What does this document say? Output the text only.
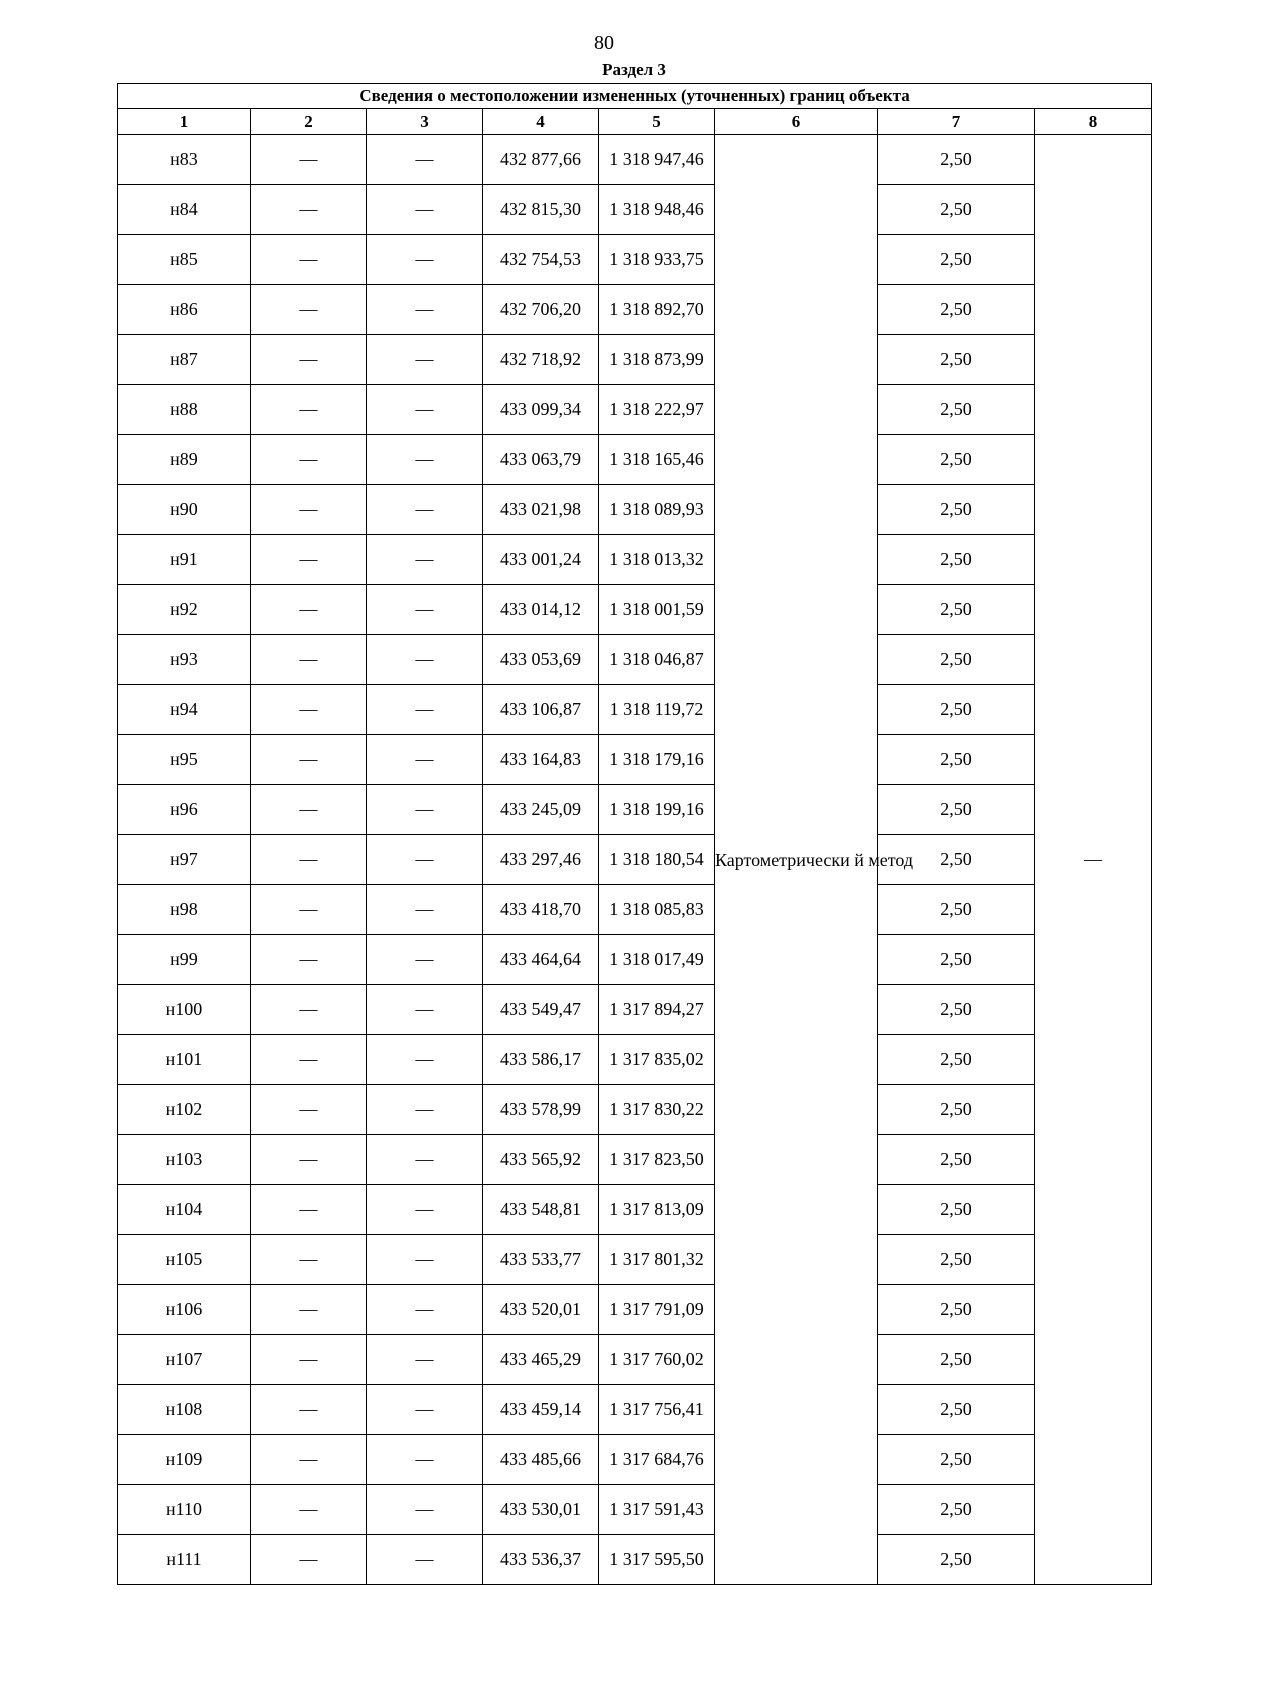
80
Раздел 3
Сведения о местоположении измененных (уточненных) границ объекта							
1	2	3	4	5	6	7	8
н83	—	—	432 877,66	1 318 947,46	Картометрически й метод	2,50	—
н84	—	—	432 815,30	1 318 948,46		2,50	
н85	—	—	432 754,53	1 318 933,75		2,50	
н86	—	—	432 706,20	1 318 892,70		2,50	
н87	—	—	432 718,92	1 318 873,99		2,50	
н88	—	—	433 099,34	1 318 222,97		2,50	
н89	—	—	433 063,79	1 318 165,46		2,50	
н90	—	—	433 021,98	1 318 089,93		2,50	
н91	—	—	433 001,24	1 318 013,32		2,50	
н92	—	—	433 014,12	1 318 001,59		2,50	
н93	—	—	433 053,69	1 318 046,87		2,50	
н94	—	—	433 106,87	1 318 119,72		2,50	
н95	—	—	433 164,83	1 318 179,16		2,50	
н96	—	—	433 245,09	1 318 199,16		2,50	
н97	—	—	433 297,46	1 318 180,54		2,50	
н98	—	—	433 418,70	1 318 085,83		2,50	
н99	—	—	433 464,64	1 318 017,49		2,50	
н100	—	—	433 549,47	1 317 894,27		2,50	
н101	—	—	433 586,17	1 317 835,02		2,50	
н102	—	—	433 578,99	1 317 830,22		2,50	
н103	—	—	433 565,92	1 317 823,50		2,50	
н104	—	—	433 548,81	1 317 813,09		2,50	
н105	—	—	433 533,77	1 317 801,32		2,50	
н106	—	—	433 520,01	1 317 791,09		2,50	
н107	—	—	433 465,29	1 317 760,02		2,50	
н108	—	—	433 459,14	1 317 756,41		2,50	
н109	—	—	433 485,66	1 317 684,76		2,50	
н110	—	—	433 530,01	1 317 591,43		2,50	
н111	—	—	433 536,37	1 317 595,50		2,50	
